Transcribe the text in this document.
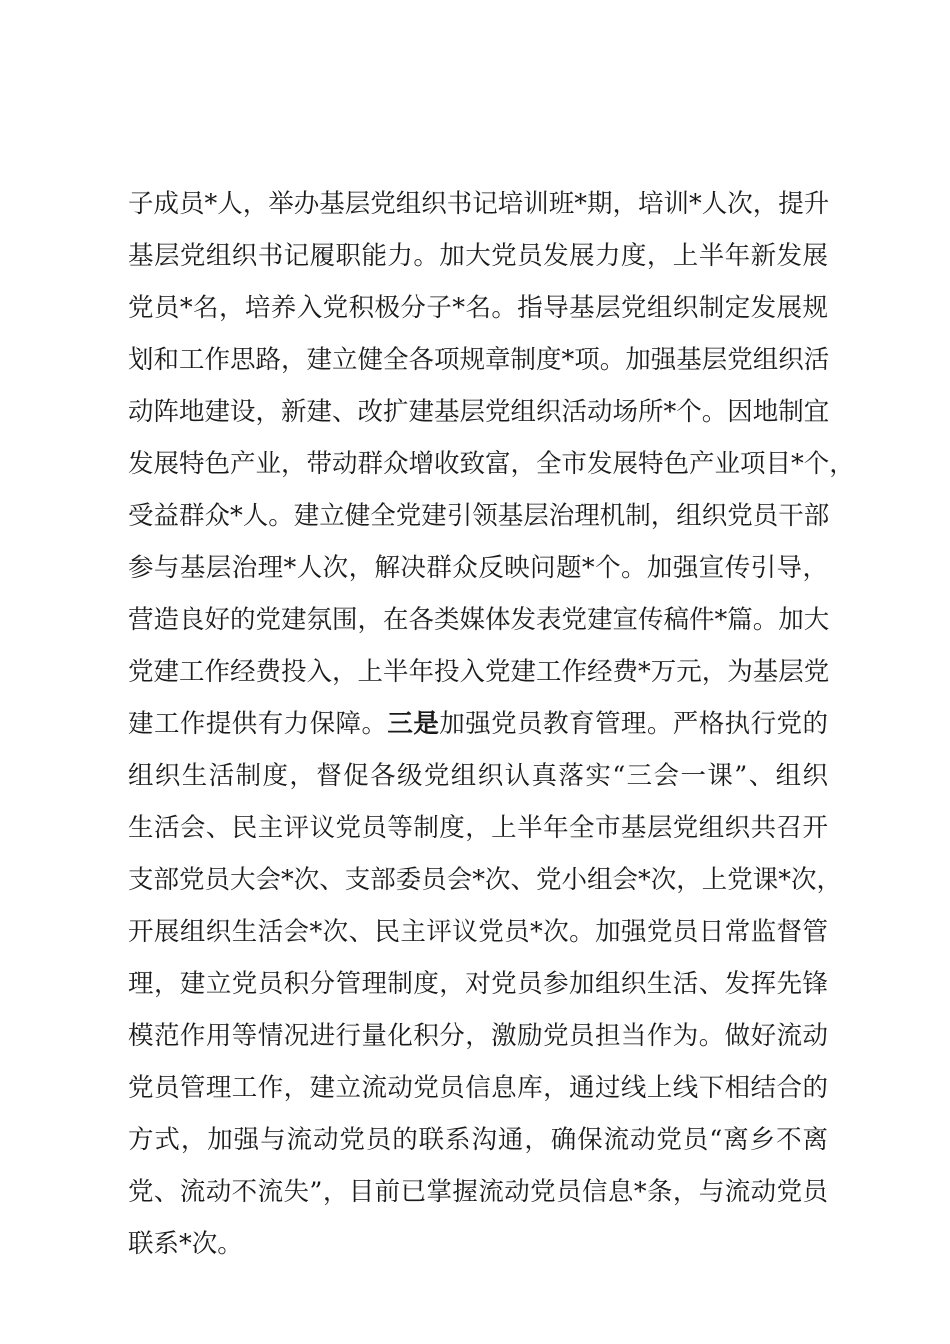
子成员*人，举办基层党组织书记培训班*期，培训*人次，提升
基层党组织书记履职能力。加大党员发展力度，上半年新发展
党员*名，培养入党积极分子*名。指导基层党组织制定发展规
划和工作思路，建立健全各项规章制度*项。加强基层党组织活
动阵地建设，新建、改扩建基层党组织活动场所*个。因地制宜
发展特色产业，带动群众增收致富，全市发展特色产业项目*个，
受益群众*人。建立健全党建引领基层治理机制，组织党员干部
参与基层治理*人次，解决群众反映问题*个。加强宣传引导，
营造良好的党建氛围，在各类媒体发表党建宣传稿件*篇。加大
党建工作经费投入，上半年投入党建工作经费*万元，为基层党
建工作提供有力保障。三是加强党员教育管理。严格执行党的
组织生活制度，督促各级党组织认真落实“三会一课”、组织
生活会、民主评议党员等制度，上半年全市基层党组织共召开
支部党员大会*次、支部委员会*次、党小组会*次，上党课*次，
开展组织生活会*次、民主评议党员*次。加强党员日常监督管
理，建立党员积分管理制度，对党员参加组织生活、发挥先锋
模范作用等情况进行量化积分，激励党员担当作为。做好流动
党员管理工作，建立流动党员信息库，通过线上线下相结合的
方式，加强与流动党员的联系沟通，确保流动党员“离乡不离
党、流动不流失”，目前已掌握流动党员信息*条，与流动党员
联系*次。
